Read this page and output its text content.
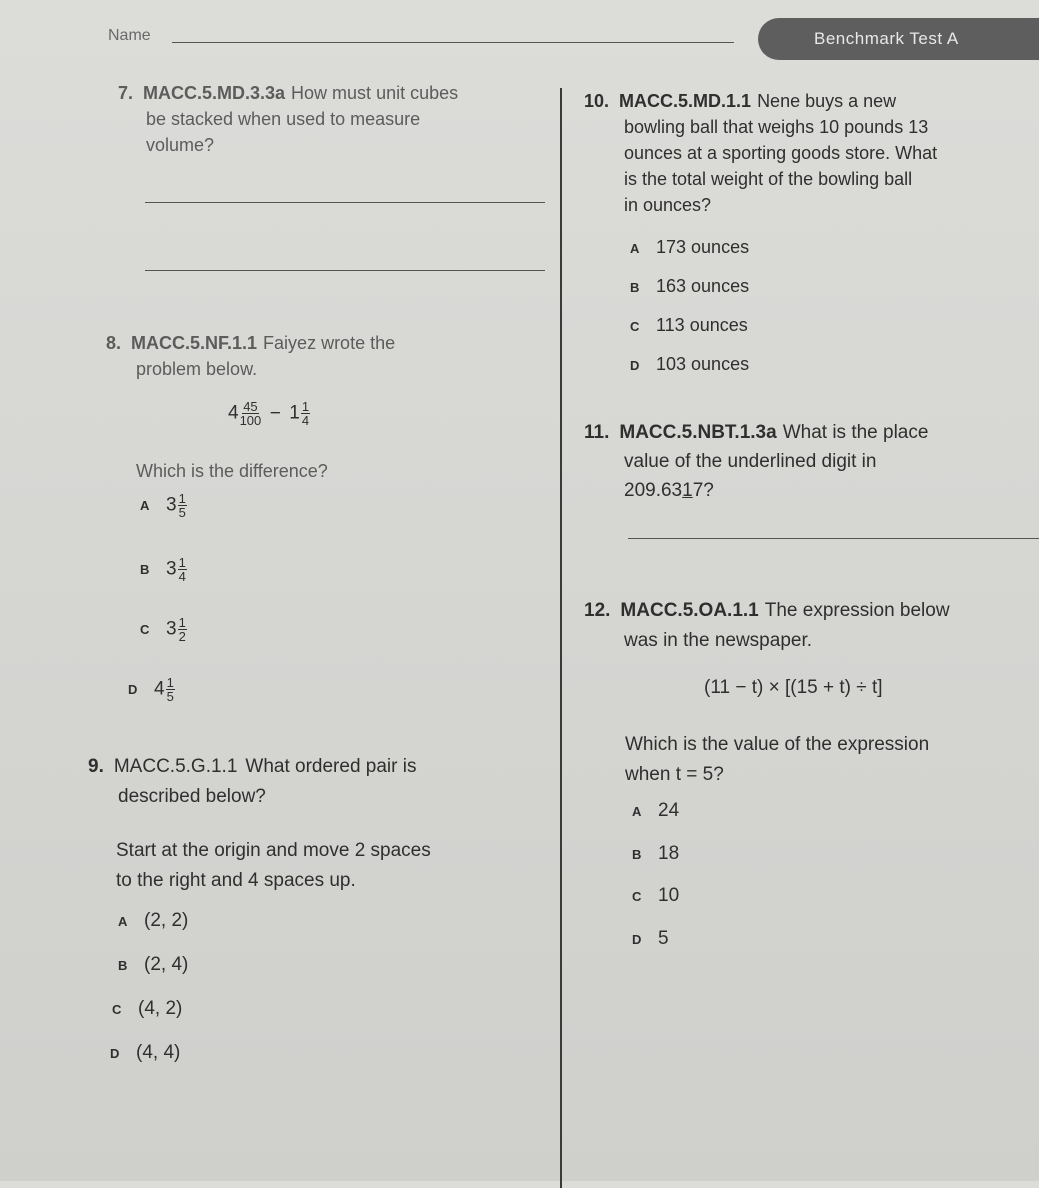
Name	Benchmark Test A
7. MACC.5.MD.3.3a How must unit cubes
be stacked when used to measure
volume?
8. MACC.5.NF.1.1 Faiyez wrote the
problem below.
$4 \frac{45}{100} - 1 \frac{1}{4}$
Which is the difference?
A $3 \frac{1}{5}$
B $3 \frac{1}{4}$
C $3 \frac{1}{2}$
D $4 \frac{1}{5}$
9. MACC.5.G.1.1 What ordered pair is
described below?
Start at the origin and move 2 spaces
to the right and 4 spaces up.
A (2, 2)
B (2, 4)
C (4, 2)
D (4, 4)
10. MACC.5.MD.1.1 Nene buys a new
bowling ball that weighs 10 pounds 13
ounces at a sporting goods store. What
is the total weight of the bowling ball
in ounces?
A 173 ounces
B 163 ounces
C 113 ounces
D 103 ounces
11. MACC.5.NBT.1.3a What is the place
value of the underlined digit in
209.6317?
12. MACC.5.OA.1.1 The expression below
was in the newspaper.
(11 − t) × [(15 + t) ÷ t]
Which is the value of the expression
when t = 5?
A 24
B 18
C 10
D 5
